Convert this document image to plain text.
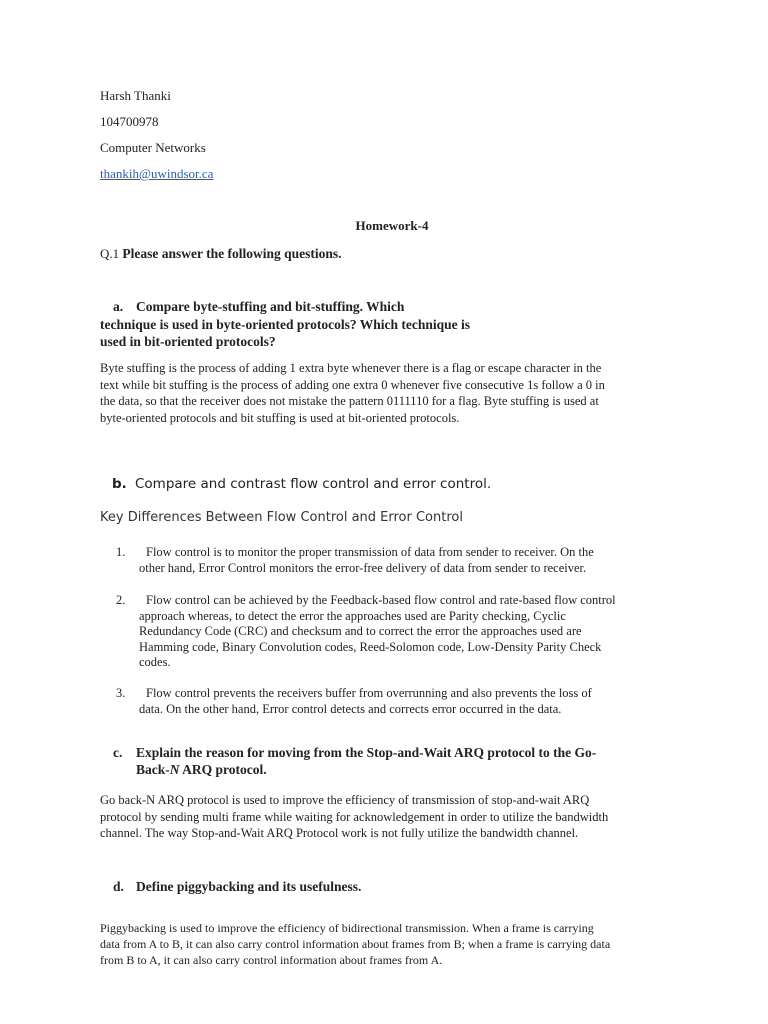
Harsh Thanki
104700978
Computer Networks
thankih@uwindsor.ca
Homework-4
Q.1 Please answer the following questions.
a. Compare byte-stuffing and bit-stuffing. Which
technique is used in byte-oriented protocols? Which technique is
used in bit-oriented protocols?
Byte stuffing is the process of adding 1 extra byte whenever there is a flag or escape character in the
text while bit stuffing is the process of adding one extra 0 whenever five consecutive 1s follow a 0 in
the data, so that the receiver does not mistake the pattern 0111110 for a flag. Byte stuffing is used at
byte-oriented protocols and bit stuffing is used at bit-oriented protocols.
b. Compare and contrast flow control and error control.
Key Differences Between Flow Control and Error Control
1.	Flow control is to monitor the proper transmission of data from sender to receiver. On the
other hand, Error Control monitors the error-free delivery of data from sender to receiver.
2.	Flow control can be achieved by the Feedback-based flow control and rate-based flow control
approach whereas, to detect the error the approaches used are Parity checking, Cyclic
Redundancy Code (CRC) and checksum and to correct the error the approaches used are
Hamming code, Binary Convolution codes, Reed-Solomon code, Low-Density Parity Check
codes.
3.	Flow control prevents the receivers buffer from overrunning and also prevents the loss of
data. On the other hand, Error control detects and corrects error occurred in the data.
c. Explain the reason for moving from the Stop-and-Wait ARQ protocol to the Go-
Back-N ARQ protocol.
Go back-N ARQ protocol is used to improve the efficiency of transmission of stop-and-wait ARQ
protocol by sending multi frame while waiting for acknowledgement in order to utilize the bandwidth
channel. The way Stop-and-Wait ARQ Protocol work is not fully utilize the bandwidth channel.
d. Define piggybacking and its usefulness.
Piggybacking is used to improve the efficiency of bidirectional transmission. When a frame is carrying
data from A to B, it can also carry control information about frames from B; when a frame is carrying data
from B to A, it can also carry control information about frames from A.
